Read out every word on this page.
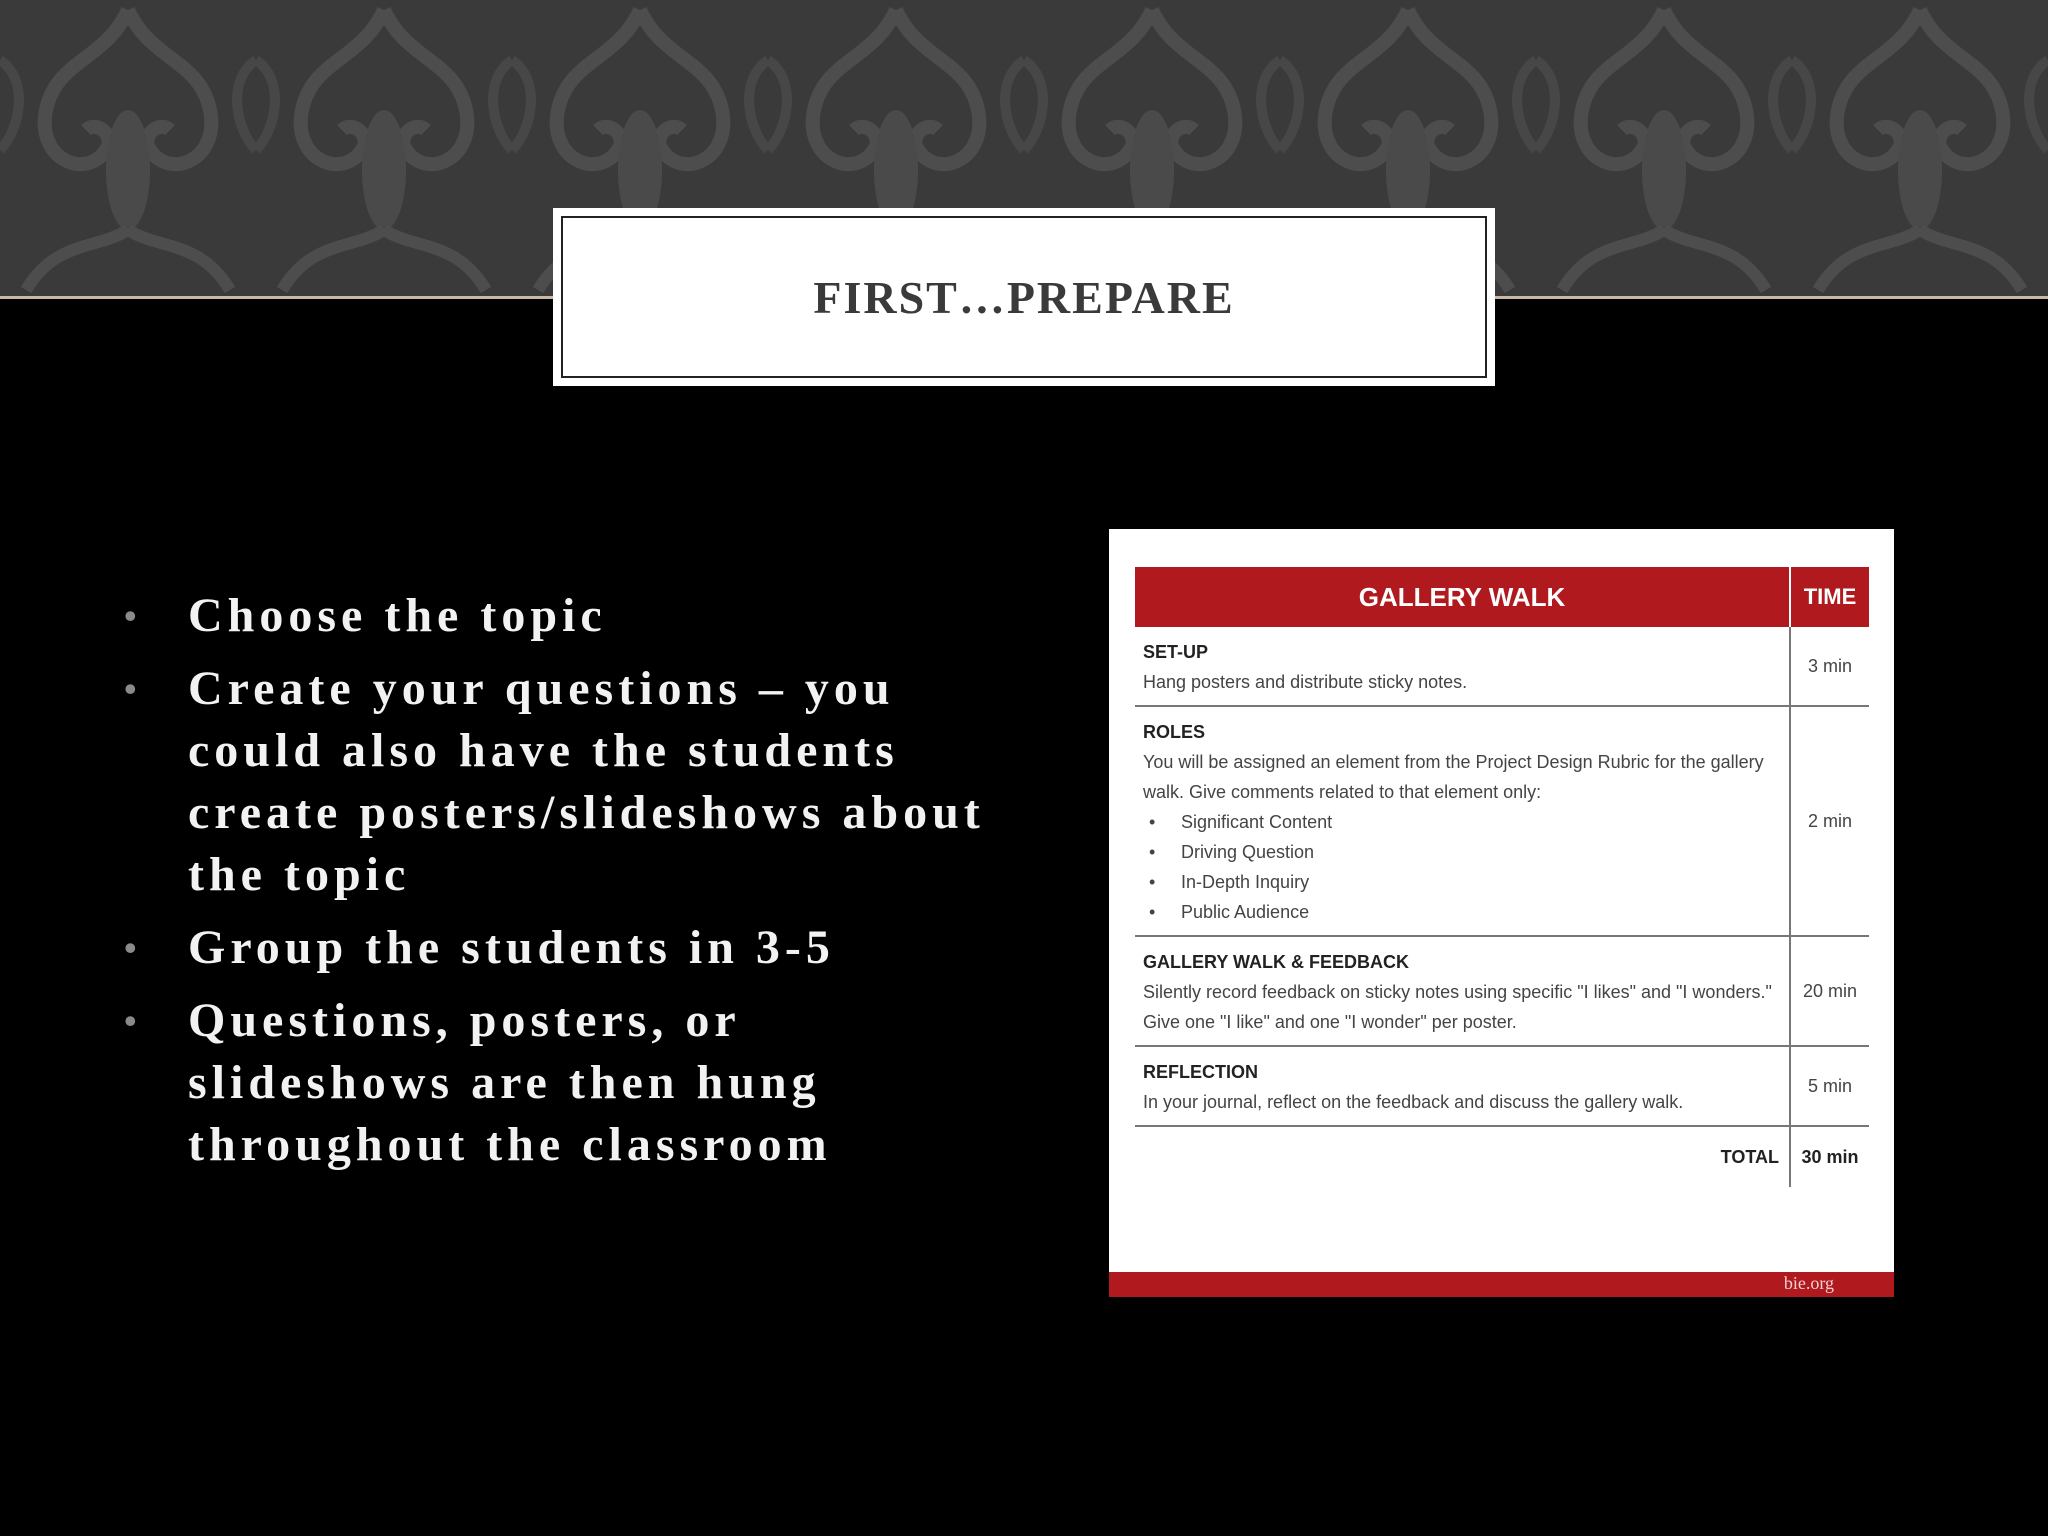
FIRST…PREPARE
• Choose the topic
• Create your questions – you could also have the students create posters/slideshows about the topic
• Group the students in 3-5
• Questions, posters, or slideshows are then hung throughout the classroom
GALLERY WALK	TIME
SET-UP
Hang posters and distribute sticky notes.
3 min
ROLES
You will be assigned an element from the Project Design Rubric for the gallery walk. Give comments related to that element only:
• Significant Content
• Driving Question
• In-Depth Inquiry
• Public Audience
2 min
GALLERY WALK & FEEDBACK
Silently record feedback on sticky notes using specific "I likes" and "I wonders." Give one "I like" and one "I wonder" per poster.
20 min
REFLECTION
In your journal, reflect on the feedback and discuss the gallery walk.
5 min
TOTAL	30 min
bie.org
